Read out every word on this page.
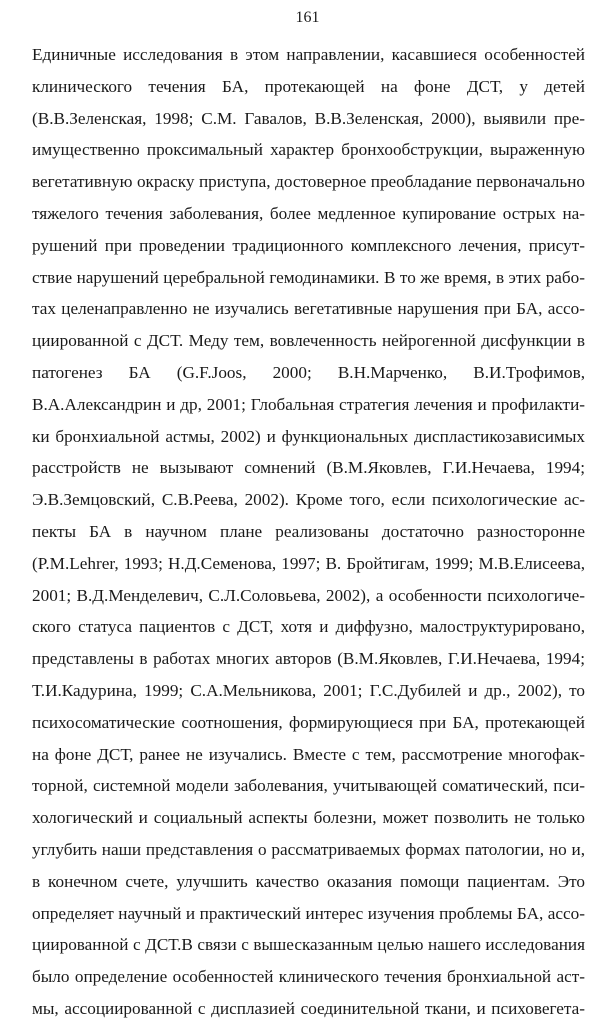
161
Единичные исследования в этом направлении, касавшиеся особенностей
клинического течения БА, протекающей на фоне ДСТ, у детей
(В.В.Зеленская, 1998; С.М. Гавалов, В.В.Зеленская, 2000), выявили пре-
имущественно проксимальный характер бронхообструкции, выраженную
вегетативную окраску приступа, достоверное преобладание первоначально
тяжелого течения заболевания, более медленное купирование острых на-
рушений при проведении традиционного комплексного лечения, присут-
ствие нарушений церебральной гемодинамики. В то же время, в этих рабо-
тах целенаправленно не изучались вегетативные нарушения при БА, ассо-
циированной с ДСТ. Меду тем, вовлеченность нейрогенной дисфункции в
патогенез БА (G.F.Joos, 2000; В.Н.Марченко, В.И.Трофимов,
В.А.Александрин и др, 2001; Глобальная стратегия лечения и профилакти-
ки бронхиальной астмы, 2002) и функциональных диспластикозависимых
расстройств не вызывают сомнений (В.М.Яковлев, Г.И.Нечаева, 1994;
Э.В.Земцовский, С.В.Реева, 2002). Кроме того, если психологические ас-
пекты БА в научном плане реализованы достаточно разносторонне
(P.M.Lehrer, 1993; Н.Д.Семенова, 1997; В. Бройтигам, 1999; М.В.Елисеева,
2001; В.Д.Менделевич, С.Л.Соловьева, 2002), а особенности психологиче-
ского статуса пациентов с ДСТ, хотя и диффузно, малоструктурировано,
представлены в работах многих авторов (В.М.Яковлев, Г.И.Нечаева, 1994;
Т.И.Кадурина, 1999; С.А.Мельникова, 2001; Г.С.Дубилей и др., 2002), то
психосоматические соотношения, формирующиеся при БА, протекающей
на фоне ДСТ, ранее не изучались. Вместе с тем, рассмотрение многофак-
торной, системной модели заболевания, учитывающей соматический, пси-
хологический и социальный аспекты болезни, может позволить не только
углубить наши представления о рассматриваемых формах патологии, но и,
в конечном счете, улучшить качество оказания помощи пациентам. Это
определяет научный и практический интерес изучения проблемы БА, ассо-
циированной с ДСТ.В связи с вышесказанным целью нашего исследования
было определение особенностей клинического течения бронхиальной аст-
мы, ассоциированной с дисплазией соединительной ткани, и психовегета-
